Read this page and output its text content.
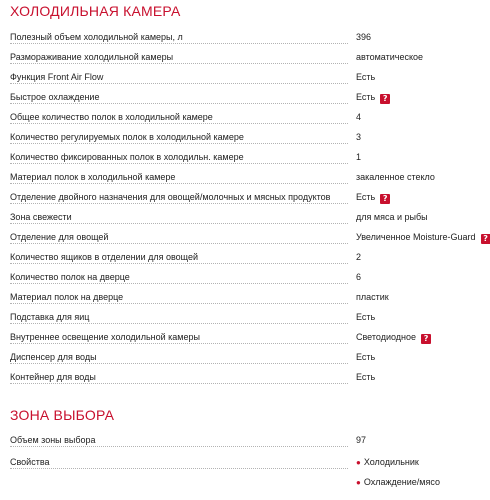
ХОЛОДИЛЬНАЯ КАМЕРА
Полезный объем холодильной камеры, л	396
Размораживание холодильной камеры	автоматическое
Функция Front Air Flow	Есть
Быстрое охлаждение	Есть ?
Общее количество полок в холодильной камере	4
Количество регулируемых полок в холодильной камере	3
Количество фиксированных полок в холодильн. камере	1
Материал полок в холодильной камере	закаленное стекло
Отделение двойного назначения для овощей/молочных и мясных продуктов	Есть ?
Зона свежести	для мяса и рыбы
Отделение для овощей	Увеличенное Moisture-Guard ?
Количество ящиков в отделении для овощей	2
Количество полок на дверце	6
Материал полок на дверце	пластик
Подставка для яиц	Есть
Внутреннее освещение холодильной камеры	Светодиодное ?
Диспенсер для воды	Есть
Контейнер для воды	Есть
ЗОНА ВЫБОРА
Объем зоны выбора	97
Свойства	● Холодильник
● Охлаждение/мясо
